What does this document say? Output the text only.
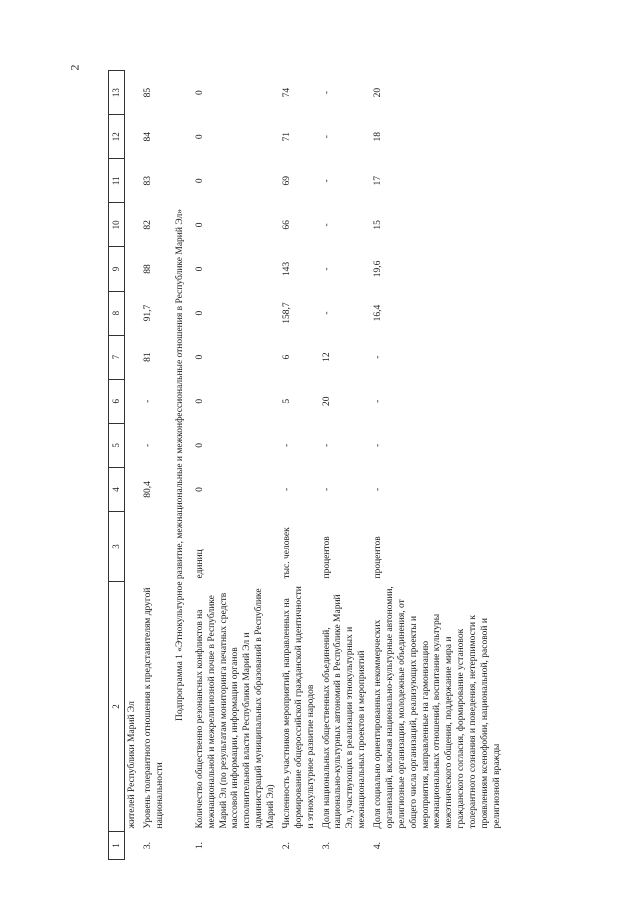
2
1	2	3	4	5	6	7	8	9	10	11	12	13
	жителей Республики Марий Эл											
3.	Уровень толерантного отношения к представителям другой национальности		80,4	-	-	81	91,7	88	82	83	84	85
Подпрограмма 1 «Этнокультурное развитие, межнациональные и межконфессиональные отношения в Республике Марий Эл»												
1.	Количество общественно резонансных конфликтов на межнациональной и межрелигиозной почве в Республике Марий Эл (по результатам мониторинга печатных средств массовой информации, информации органов исполнительной власти Республики Марий Эл и администраций муниципальных образований в Республике Марий Эл)	единиц	0	0	0	0	0	0	0	0	0	0
2.	Численность участников мероприятий, направленных на формирование общероссийской гражданской идентичности и этнокультурное развитие народов	тыс. человек	-	-	5	6	158,7	143	66	69	71	74
3.	Доля национальных общественных объединений, национально-культурных автономий в Республике Марий Эл, участвующих в реализации этнокультурных и межнациональных проектов и мероприятий	процентов	-	-	20	12	-	-	-	-	-	-
4.	Доля социально ориентированных некоммерческих организаций, включая национально-культурные автономии, религиозные организации, молодежные объединения, от общего числа организаций, реализующих проекты и мероприятия, направленные на гармонизацию межнациональных отношений, воспитание культуры межэтнического общения, поддержание мира и гражданского согласия, формирование установок толерантного сознания и поведения, нетерпимости к проявлениям ксенофобии, национальной, расовой и религиозной вражды	процентов	-	-	-	-	16,4	19,6	15	17	18	20
